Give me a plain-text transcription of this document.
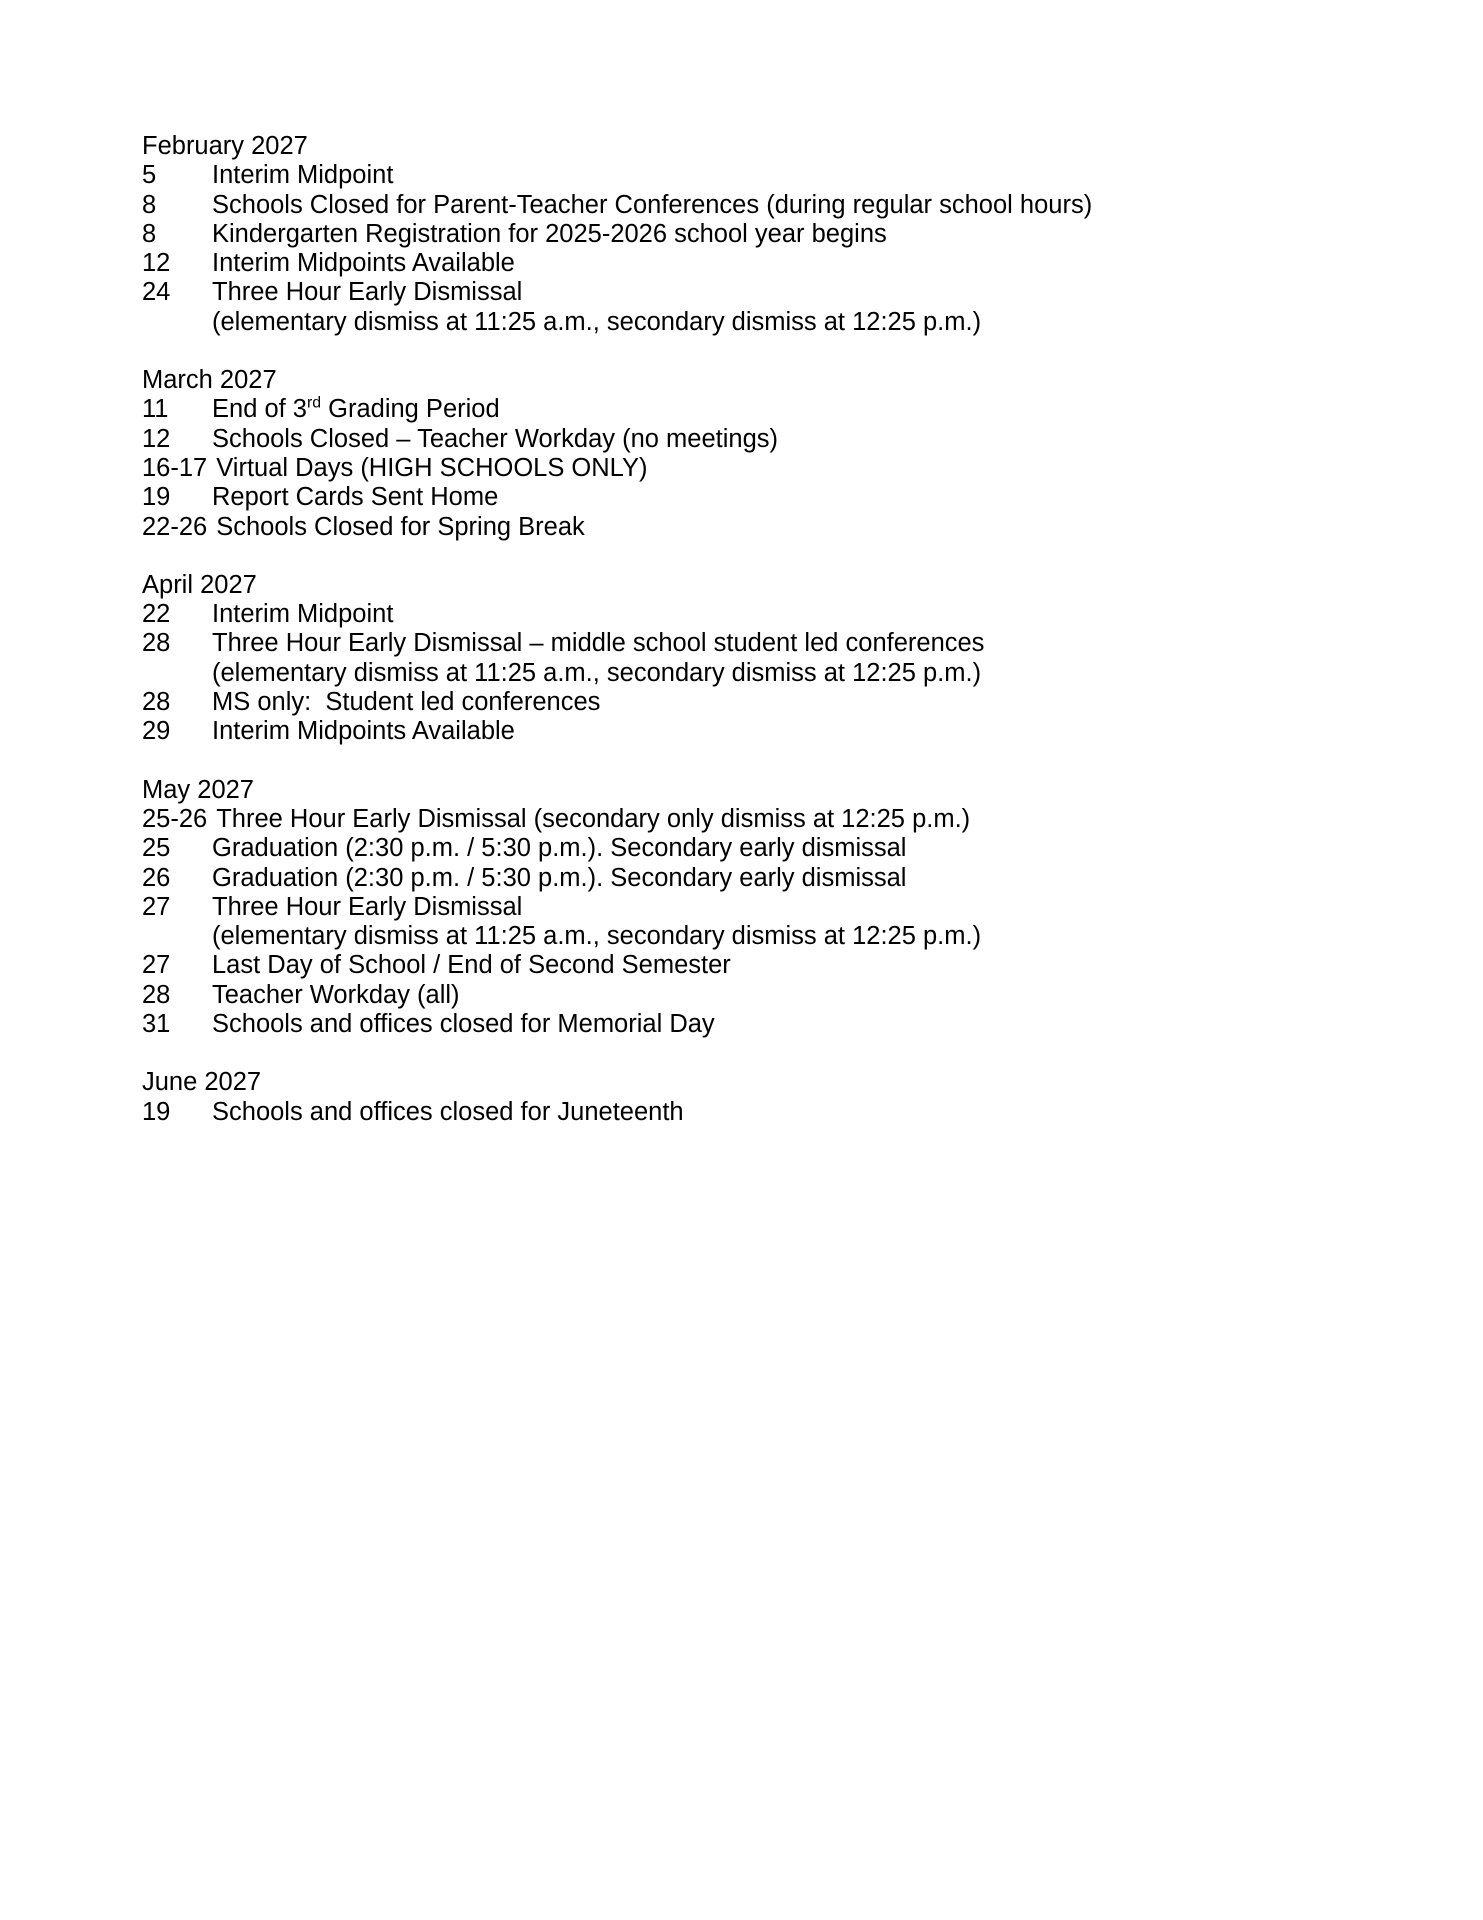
February 2027
5	Interim Midpoint
8	Schools Closed for Parent-Teacher Conferences (during regular school hours)
8	Kindergarten Registration for 2025-2026 school year begins
12	Interim Midpoints Available
24	Three Hour Early Dismissal
(elementary dismiss at 11:25 a.m., secondary dismiss at 12:25 p.m.)
March 2027
11	End of 3rd Grading Period
12	Schools Closed – Teacher Workday (no meetings)
16-17 Virtual Days (HIGH SCHOOLS ONLY)
19	Report Cards Sent Home
22-26 Schools Closed for Spring Break
April 2027
22	Interim Midpoint
28	Three Hour Early Dismissal – middle school student led conferences
(elementary dismiss at 11:25 a.m., secondary dismiss at 12:25 p.m.)
28	MS only:  Student led conferences
29	Interim Midpoints Available
May 2027
25-26 Three Hour Early Dismissal (secondary only dismiss at 12:25 p.m.)
25	Graduation (2:30 p.m. / 5:30 p.m.). Secondary early dismissal
26	Graduation (2:30 p.m. / 5:30 p.m.). Secondary early dismissal
27	Three Hour Early Dismissal
(elementary dismiss at 11:25 a.m., secondary dismiss at 12:25 p.m.)
27	Last Day of School / End of Second Semester
28	Teacher Workday (all)
31	Schools and offices closed for Memorial Day
June 2027
19	Schools and offices closed for Juneteenth
